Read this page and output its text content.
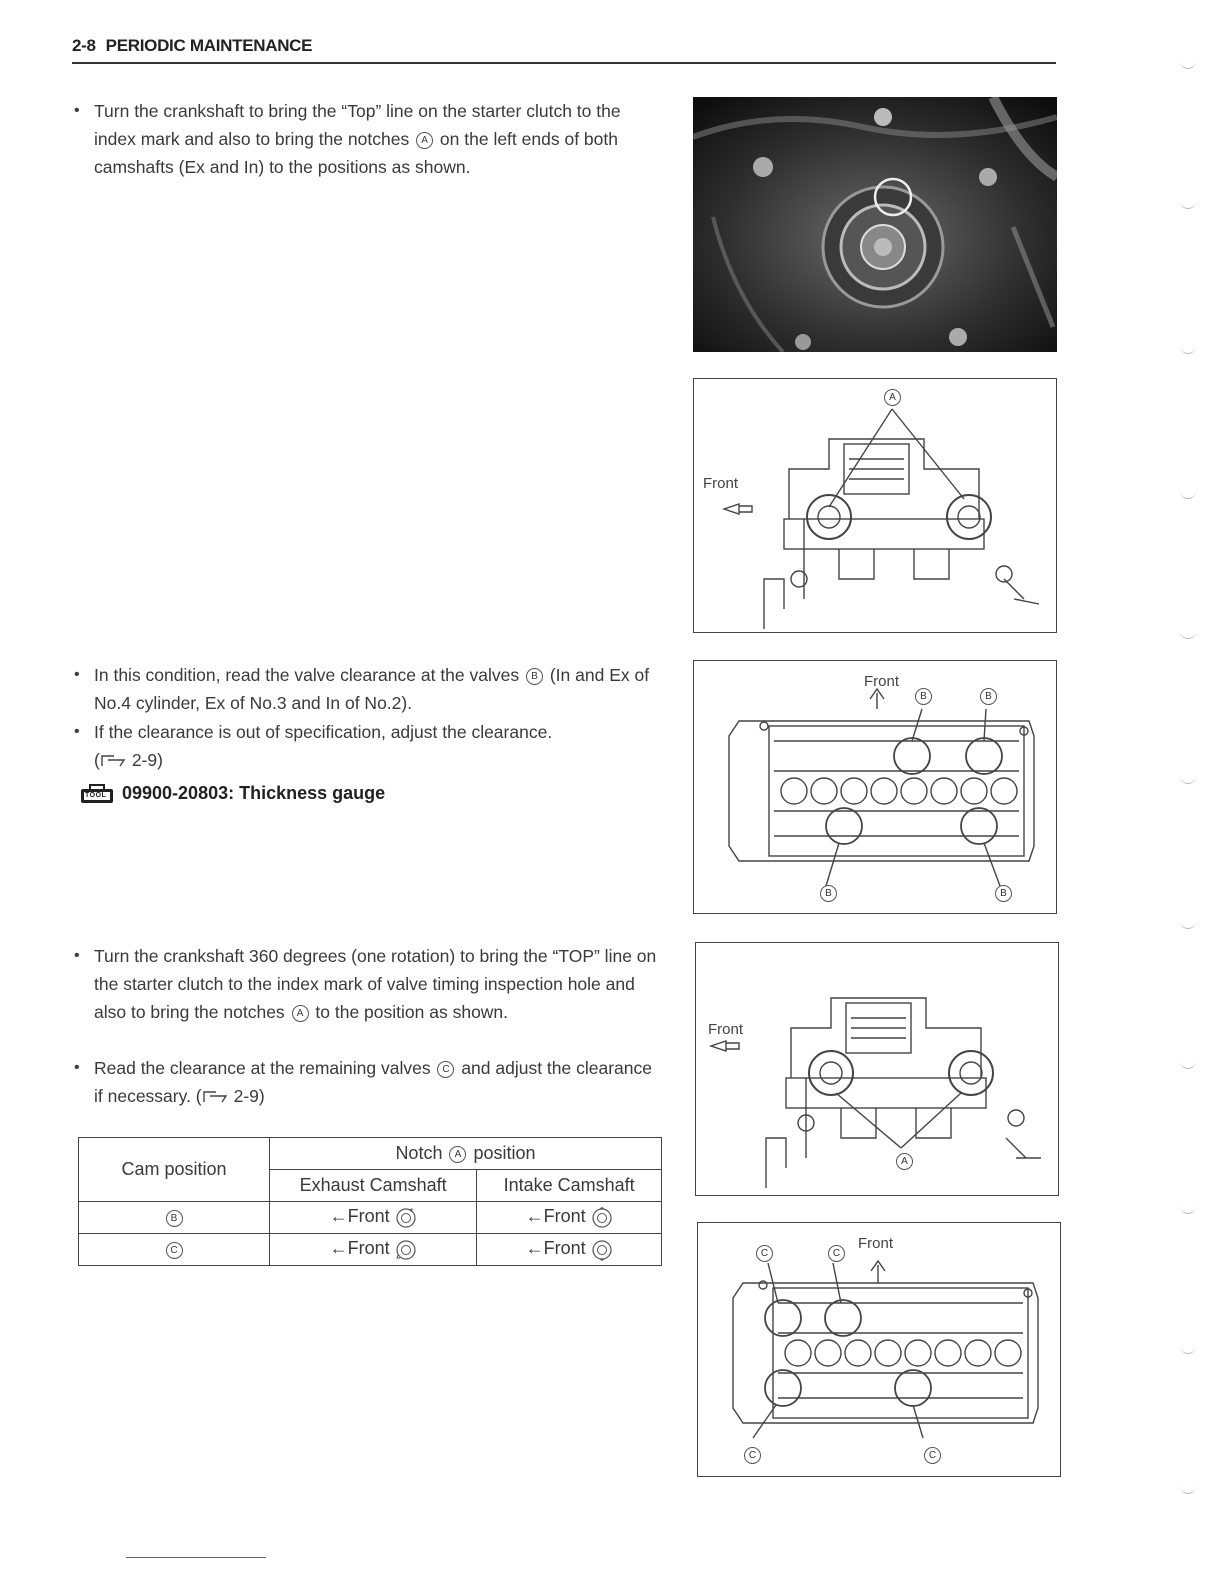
2-8 PERIODIC MAINTENANCE
• Turn the crankshaft to bring the “Top” line on the starter clutch to the index mark and also to bring the notches A on the left ends of both camshafts (Ex and In) to the positions as shown.
• In this condition, read the valve clearance at the valves B (In and Ex of No.4 cylinder, Ex of No.3 and In of No.2).
• If the clearance is out of specification, adjust the clearance.
( 2-9)
TOOL 09900-20803: Thickness gauge
• Turn the crankshaft 360 degrees (one rotation) to bring the “TOP” line on the starter clutch to the index mark of valve timing inspection hole and also to bring the notches A to the position as shown.
• Read the clearance at the remaining valves C and adjust the clearance if necessary. ( 2-9)
Cam position	Notch A position	
	Exhaust Camshaft	Intake Camshaft
B	←Front	←Front
C	←Front	←Front
Front
A
Front
B	B
B	B
Front
A
Front
C	C
C	C
